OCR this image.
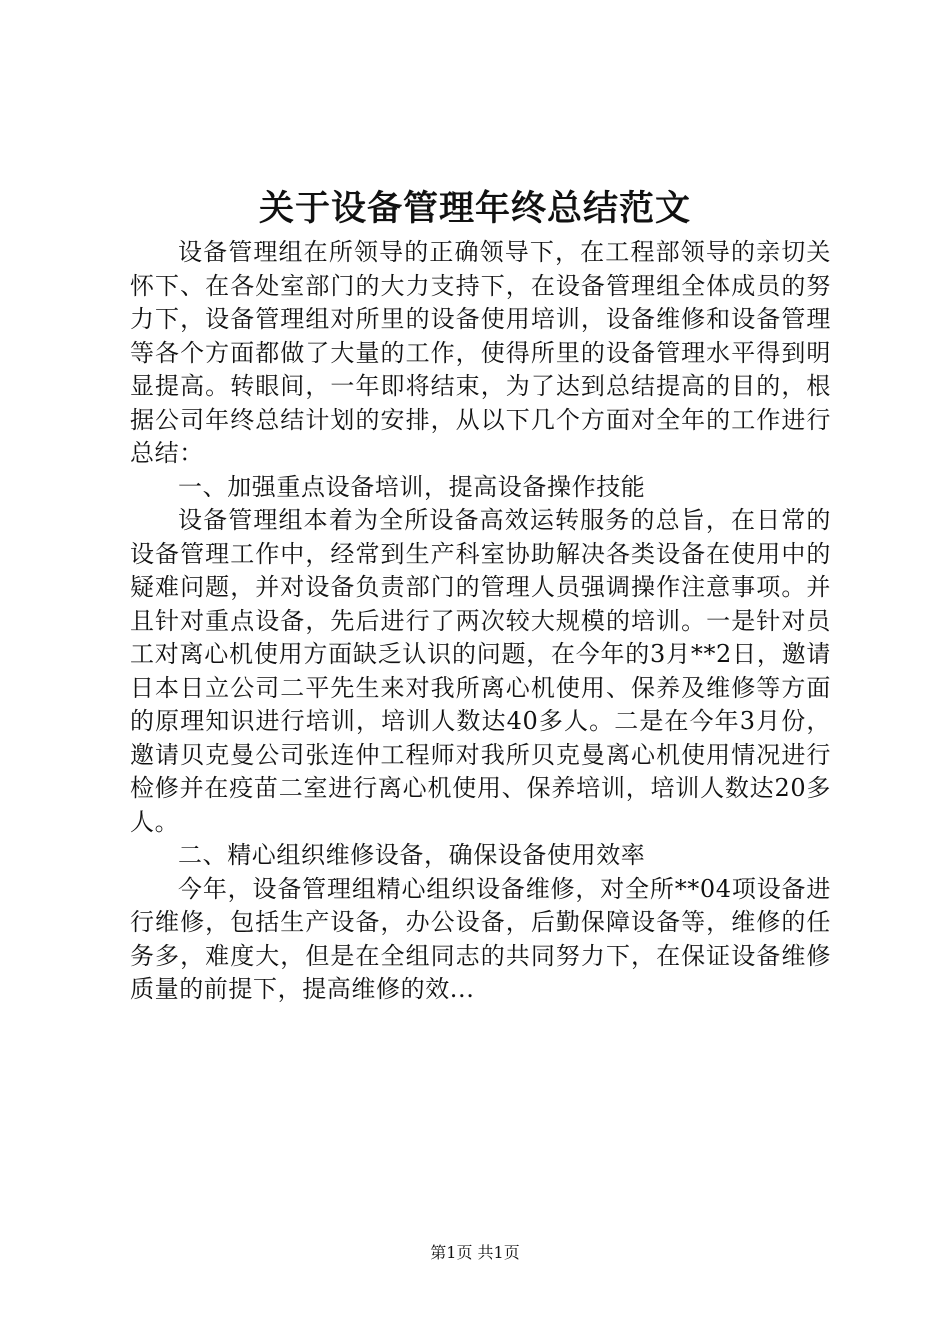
关于设备管理年终总结范文

设备管理组在所领导的正确领导下，在工程部领导的亲切关怀下、在各处室部门的大力支持下，在设备管理组全体成员的努力下，设备管理组对所里的设备使用培训，设备维修和设备管理等各个方面都做了大量的工作，使得所里的设备管理水平得到明显提高。转眼间，一年即将结束，为了达到总结提高的目的，根据公司年终总结计划的安排，从以下几个方面对全年的工作进行总结：

一、加强重点设备培训，提高设备操作技能

设备管理组本着为全所设备高效运转服务的总旨，在日常的设备管理工作中，经常到生产科室协助解决各类设备在使用中的疑难问题，并对设备负责部门的管理人员强调操作注意事项。并且针对重点设备，先后进行了两次较大规模的培训。一是针对员工对离心机使用方面缺乏认识的问题，在今年的3月**2日，邀请日本日立公司二平先生来对我所离心机使用、保养及维修等方面的原理知识进行培训，培训人数达40多人。二是在今年3月份，邀请贝克曼公司张连仲工程师对我所贝克曼离心机使用情况进行检修并在疫苗二室进行离心机使用、保养培训，培训人数达20多人。

二、精心组织维修设备，确保设备使用效率

今年，设备管理组精心组织设备维修，对全所**04项设备进行维修，包括生产设备，办公设备，后勤保障设备等，维修的任务多，难度大，但是在全组同志的共同努力下，在保证设备维修质量的前提下，提高维修的效...

第1页 共1页
